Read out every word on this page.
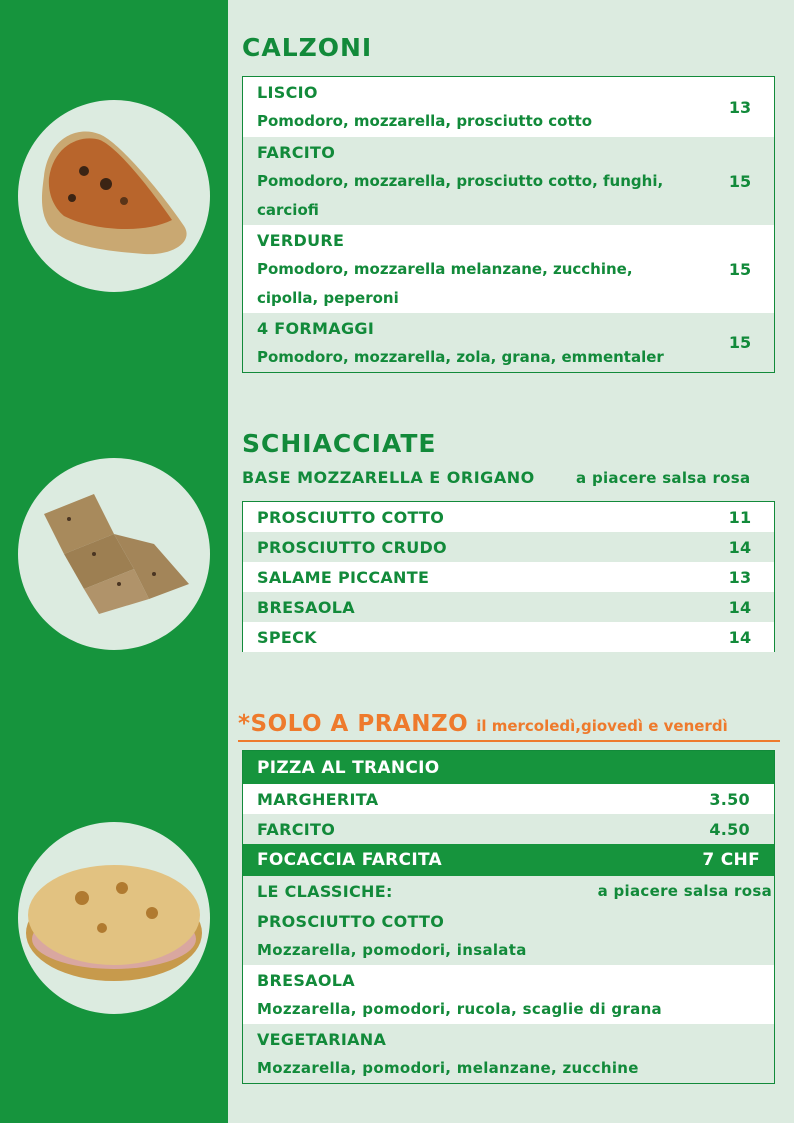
CALZONI
LISCIO
Pomodoro, mozzarella, prosciutto cotto
13
FARCITO
Pomodoro, mozzarella, prosciutto cotto, funghi, carciofi
15
VERDURE
Pomodoro, mozzarella melanzane, zucchine, cipolla, peperoni
15
4 FORMAGGI
Pomodoro, mozzarella, zola, grana, emmentaler
15
SCHIACCIATE
BASE MOZZARELLA E ORIGANO	a piacere salsa rosa
PROSCIUTTO COTTO	11
PROSCIUTTO CRUDO	14
SALAME PICCANTE	13
BRESAOLA	14
SPECK	14
*SOLO A PRANZO il mercoledì,giovedì e venerdì
PIZZA AL TRANCIO
MARGHERITA	3.50
FARCITO	4.50
FOCACCIA FARCITA	7 CHF
LE CLASSICHE:	a piacere salsa rosa
PROSCIUTTO COTTO
Mozzarella, pomodori, insalata
BRESAOLA
Mozzarella, pomodori, rucola, scaglie di grana
VEGETARIANA
Mozzarella, pomodori, melanzane, zucchine
